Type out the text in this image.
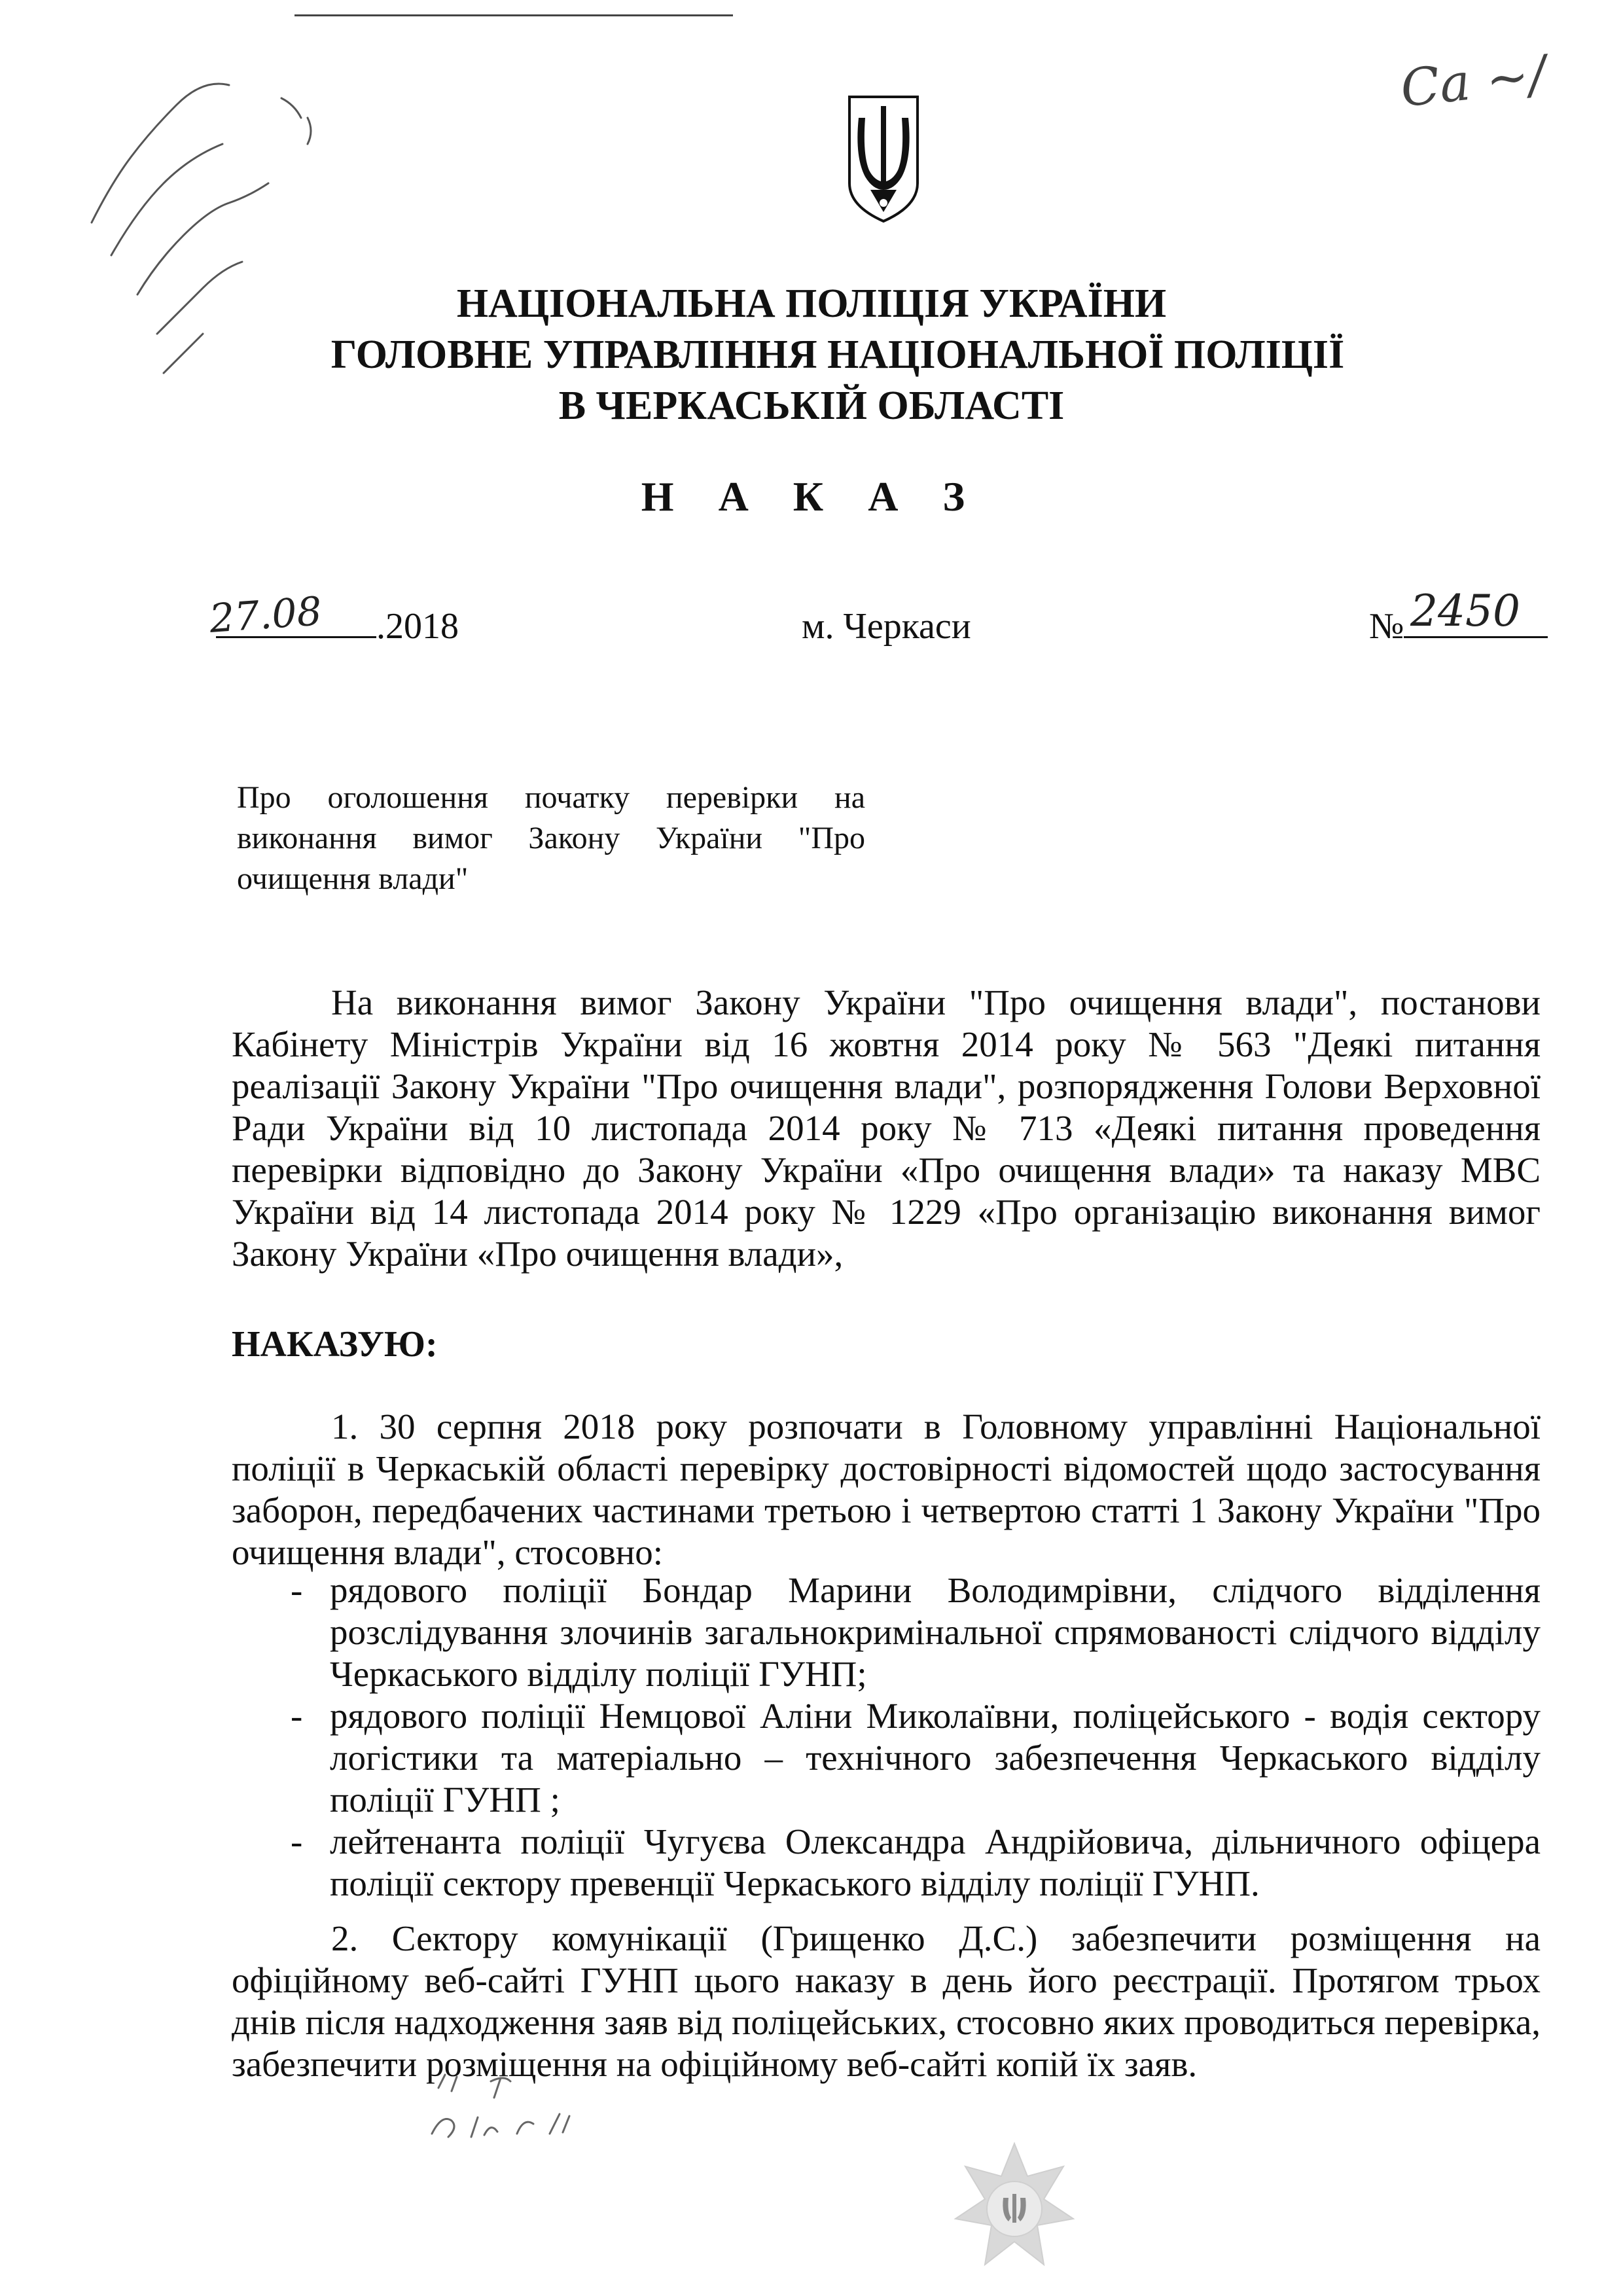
Са ~/
НАЦІОНАЛЬНА ПОЛІЦІЯ УКРАЇНИ
ГОЛОВНЕ УПРАВЛІННЯ НАЦІОНАЛЬНОЇ ПОЛІЦІЇ
В ЧЕРКАСЬКІЙ ОБЛАСТІ
Н А К А З
.2018
27.08	м. Черкаси	№ 2450
Про оголошення початку перевірки на виконання вимог Закону України "Про очищення влади"
На виконання вимог Закону України "Про очищення влади", постанови Кабінету Міністрів України від 16 жовтня 2014 року № 563 "Деякі питання реалізації Закону України "Про очищення влади", розпорядження Голови Верховної Ради України від 10 листопада 2014 року № 713 «Деякі питання проведення перевірки відповідно до Закону України «Про очищення влади» та наказу МВС України від 14 листопада 2014 року № 1229 «Про організацію виконання вимог Закону України «Про очищення влади»,
НАКАЗУЮ:
1. 30 серпня 2018 року розпочати в Головному управлінні Національної поліції в Черкаській області перевірку достовірності відомостей щодо застосування заборон, передбачених частинами третьою і четвертою статті 1 Закону України "Про очищення влади", стосовно:
- рядового поліції Бондар Марини Володимрівни, слідчого відділення розслідування злочинів загальнокримінальної спрямованості слідчого відділу Черкаського відділу поліції ГУНП;
- рядового поліції Немцової Аліни Миколаївни, поліцейського - водія сектору логістики та матеріально – технічного забезпечення Черкаського відділу поліції ГУНП ;
- лейтенанта поліції Чугуєва Олександра Андрійовича, дільничного офіцера поліції сектору превенції Черкаського відділу поліції ГУНП.
2. Сектору комунікації (Грищенко Д.С.) забезпечити розміщення на офіційному веб-сайті ГУНП цього наказу в день його реєстрації. Протягом трьох днів після надходження заяв від поліцейських, стосовно яких проводиться перевірка, забезпечити розміщення на офіційному веб-сайті копій їх заяв.
